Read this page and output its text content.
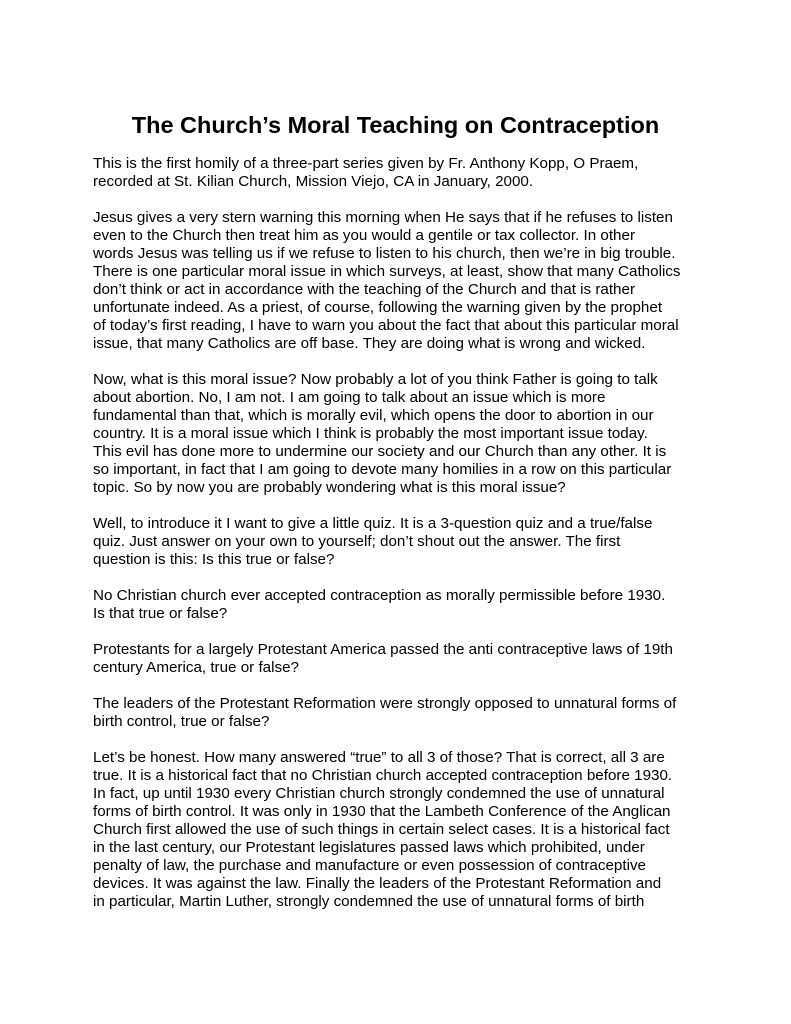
The Church’s Moral Teaching on Contraception

This is the first homily of a three-part series given by Fr. Anthony Kopp, O Praem,
recorded at St. Kilian Church, Mission Viejo, CA in January, 2000.

Jesus gives a very stern warning this morning when He says that if he refuses to listen
even to the Church then treat him as you would a gentile or tax collector. In other
words Jesus was telling us if we refuse to listen to his church, then we’re in big trouble.
There is one particular moral issue in which surveys, at least, show that many Catholics
don’t think or act in accordance with the teaching of the Church and that is rather
unfortunate indeed. As a priest, of course, following the warning given by the prophet
of today’s first reading, I have to warn you about the fact that about this particular moral
issue, that many Catholics are off base. They are doing what is wrong and wicked.

Now, what is this moral issue? Now probably a lot of you think Father is going to talk
about abortion. No, I am not. I am going to talk about an issue which is more
fundamental than that, which is morally evil, which opens the door to abortion in our
country. It is a moral issue which I think is probably the most important issue today.
This evil has done more to undermine our society and our Church than any other. It is
so important, in fact that I am going to devote many homilies in a row on this particular
topic. So by now you are probably wondering what is this moral issue?

Well, to introduce it I want to give a little quiz. It is a 3-question quiz and a true/false
quiz. Just answer on your own to yourself; don’t shout out the answer. The first
question is this: Is this true or false?

No Christian church ever accepted contraception as morally permissible before 1930.
Is that true or false?

Protestants for a largely Protestant America passed the anti contraceptive laws of 19th
century America, true or false?

The leaders of the Protestant Reformation were strongly opposed to unnatural forms of
birth control, true or false?

Let’s be honest. How many answered “true” to all 3 of those? That is correct, all 3 are
true. It is a historical fact that no Christian church accepted contraception before 1930.
In fact, up until 1930 every Christian church strongly condemned the use of unnatural
forms of birth control. It was only in 1930 that the Lambeth Conference of the Anglican
Church first allowed the use of such things in certain select cases. It is a historical fact
in the last century, our Protestant legislatures passed laws which prohibited, under
penalty of law, the purchase and manufacture or even possession of contraceptive
devices. It was against the law. Finally the leaders of the Protestant Reformation and
in particular, Martin Luther, strongly condemned the use of unnatural forms of birth
